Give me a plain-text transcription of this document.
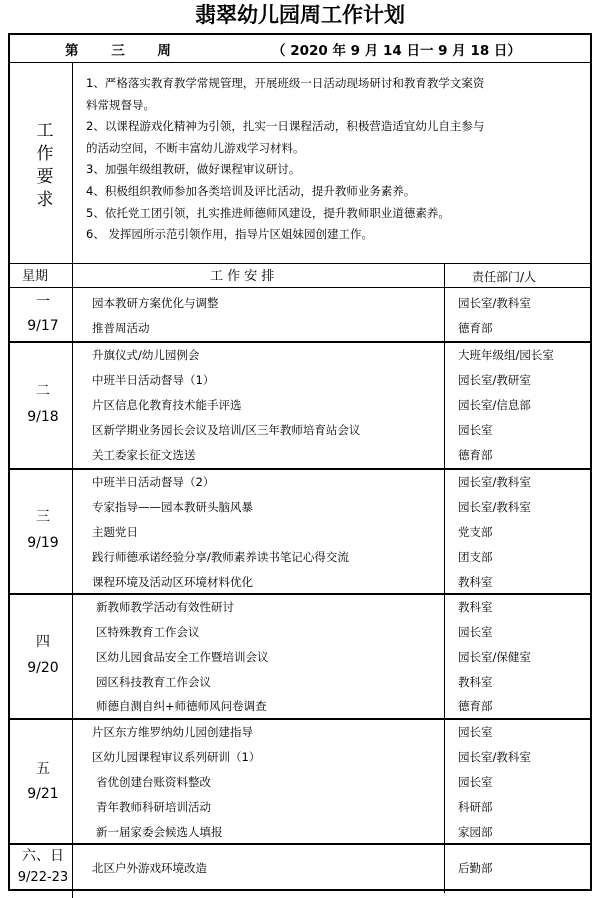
翡翠幼儿园周工作计划
第 三 周	（ 2020 年 9 月 14 日一 9 月 18 日）
工
作
要
求
1、严格落实教育教学常规管理，开展班级一日活动现场研讨和教育教学文案资
料常规督导。
2、以课程游戏化精神为引领，扎实一日课程活动，积极营造适宜幼儿自主参与
的活动空间，不断丰富幼儿游戏学习材料。
3、加强年级组教研，做好课程审议研讨。
4、积极组织教师参加各类培训及评比活动，提升教师业务素养。
5、依托党工团引领，扎实推进师德师风建设，提升教师职业道德素养。
6、 发挥园所示范引领作用，指导片区姐妹园创建工作。
星期	工 作 安 排	责任部门/人
一
9/17
园本教研方案优化与调整	园长室/教科室
推普周活动	德育部
二
9/18
升旗仪式/幼儿园例会	大班年级组/园长室
中班半日活动督导（1）	园长室/教研室
片区信息化教育技术能手评选	园长室/信息部
区新学期业务园长会议及培训/区三年教师培育站会议	园长室
关工委家长征文选送	德育部
三
9/19
中班半日活动督导（2）	园长室/教科室
专家指导——园本教研头脑风暴	园长室/教科室
主题党日	党支部
践行师德承诺经验分享/教师素养读书笔记心得交流	团支部
课程环境及活动区环境材料优化	教科室
四
9/20
新教师教学活动有效性研讨	教科室
区特殊教育工作会议	园长室
区幼儿园食品安全工作暨培训会议	园长室/保健室
园区科技教育工作会议	教科室
师德自测自纠+师德师风问卷调查	德育部
五
9/21
片区东方维罗纳幼儿园创建指导	园长室
区幼儿园课程审议系列研训（1）	园长室/教科室
省优创建台账资料整改	园长室
青年教师科研培训活动	科研部
新一届家委会候选人填报	家园部
六、日
9/22-23
北区户外游戏环境改造	后勤部
